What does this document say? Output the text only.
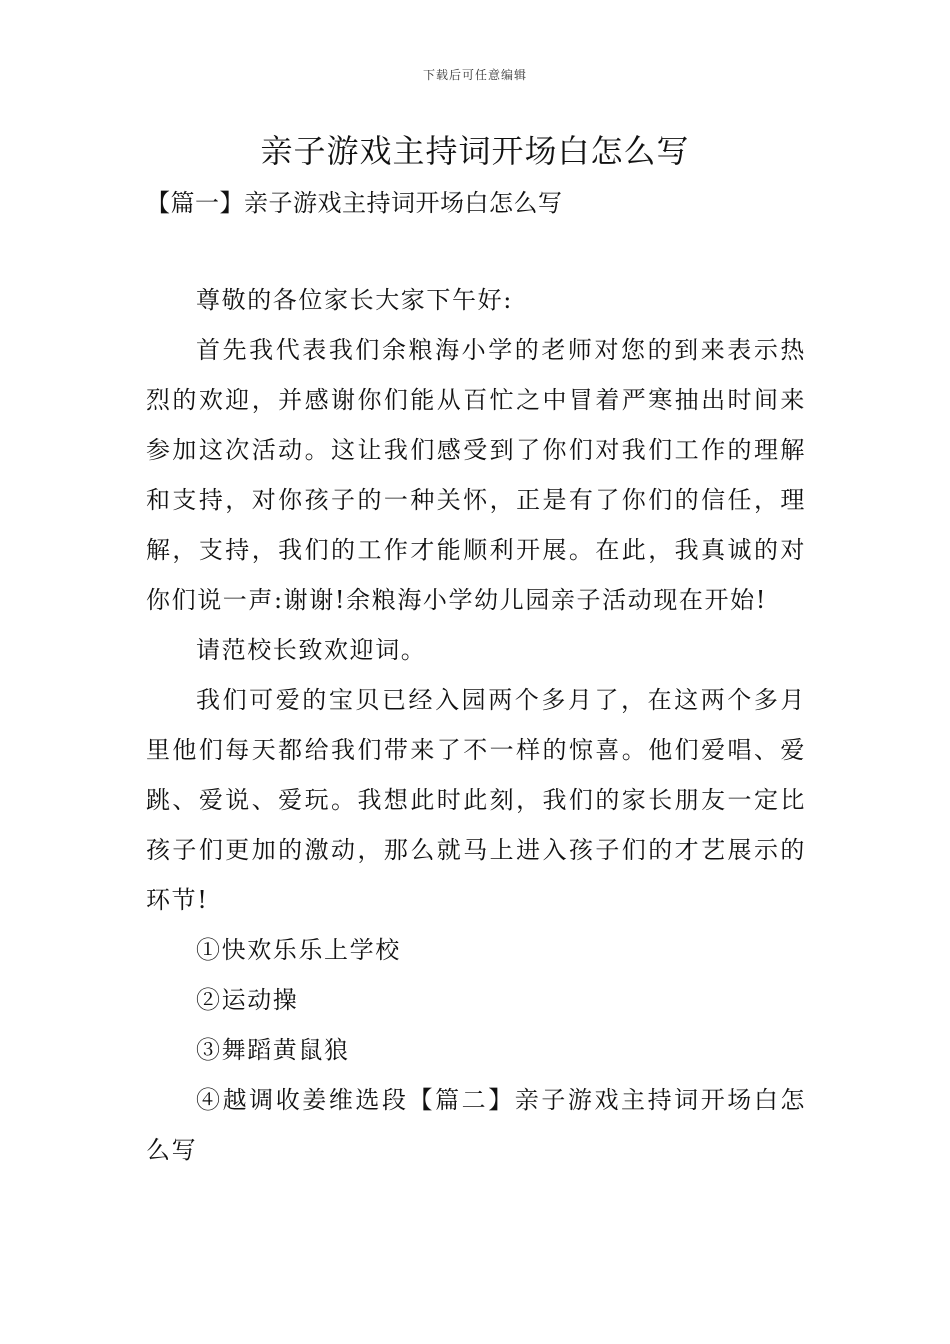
下载后可任意编辑
亲子游戏主持词开场白怎么写
【篇一】亲子游戏主持词开场白怎么写

尊敬的各位家长大家下午好:

首先我代表我们余粮海小学的老师对您的到来表示热烈的欢迎，并感谢你们能从百忙之中冒着严寒抽出时间来参加这次活动。这让我们感受到了你们对我们工作的理解和支持，对你孩子的一种关怀，正是有了你们的信任，理解，支持，我们的工作才能顺利开展。在此，我真诚的对你们说一声:谢谢!余粮海小学幼儿园亲子活动现在开始!

请范校长致欢迎词。

我们可爱的宝贝已经入园两个多月了，在这两个多月里他们每天都给我们带来了不一样的惊喜。他们爱唱、爱跳、爱说、爱玩。我想此时此刻，我们的家长朋友一定比孩子们更加的激动，那么就马上进入孩子们的才艺展示的环节!

①快欢乐乐上学校

②运动操

③舞蹈黄鼠狼

④越调收姜维选段【篇二】亲子游戏主持词开场白怎么写
